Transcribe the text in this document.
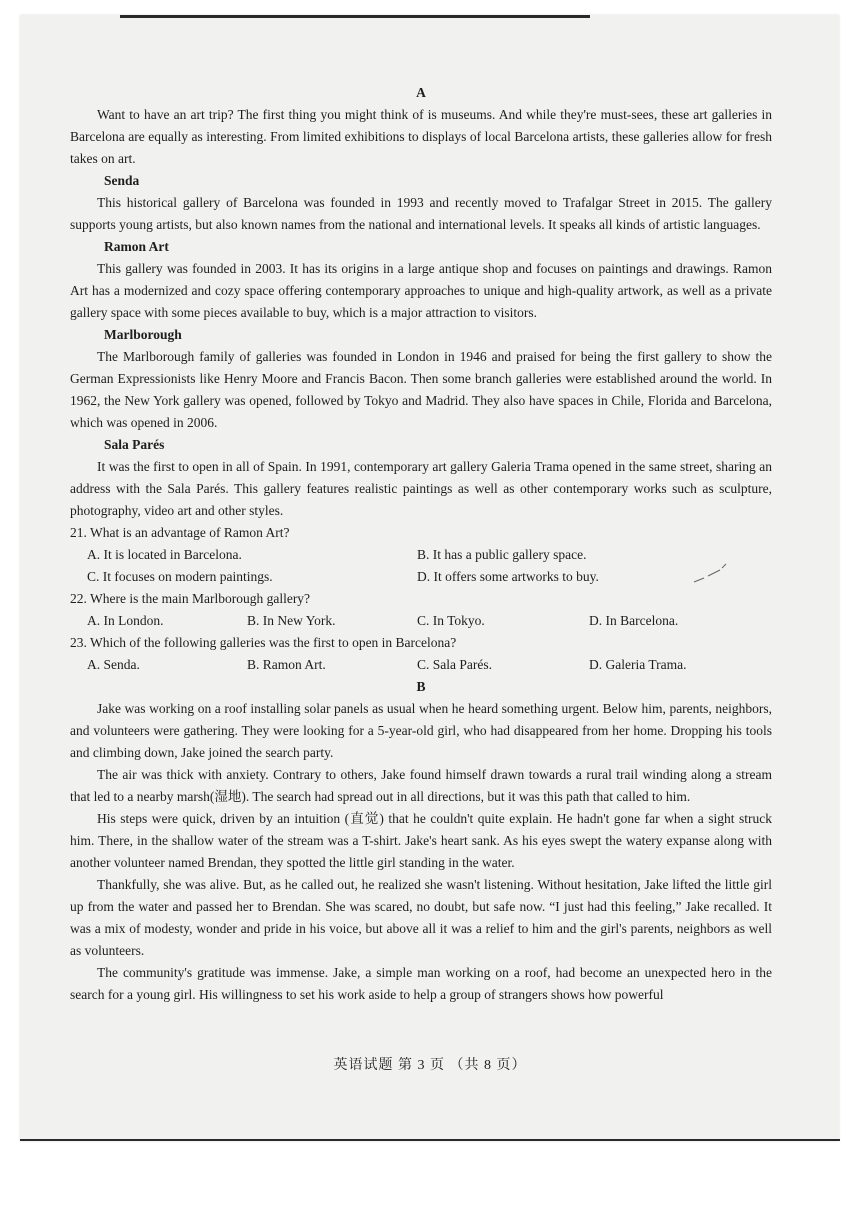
A

Want to have an art trip? The first thing you might think of is museums. And while they're must-sees, these art galleries in Barcelona are equally as interesting. From limited exhibitions to displays of local Barcelona artists, these galleries allow for fresh takes on art.

Senda

This historical gallery of Barcelona was founded in 1993 and recently moved to Trafalgar Street in 2015. The gallery supports young artists, but also known names from the national and international levels. It speaks all kinds of artistic languages.

Ramon Art

This gallery was founded in 2003. It has its origins in a large antique shop and focuses on paintings and drawings. Ramon Art has a modernized and cozy space offering contemporary approaches to unique and high-quality artwork, as well as a private gallery space with some pieces available to buy, which is a major attraction to visitors.

Marlborough

The Marlborough family of galleries was founded in London in 1946 and praised for being the first gallery to show the German Expressionists like Henry Moore and Francis Bacon. Then some branch galleries were established around the world. In 1962, the New York gallery was opened, followed by Tokyo and Madrid. They also have spaces in Chile, Florida and Barcelona, which was opened in 2006.

Sala Parés

It was the first to open in all of Spain. In 1991, contemporary art gallery Galeria Trama opened in the same street, sharing an address with the Sala Parés. This gallery features realistic paintings as well as other contemporary works such as sculpture, photography, video art and other styles.

21. What is an advantage of Ramon Art?

A. It is located in Barcelona.	B. It has a public gallery space.
C. It focuses on modern paintings.	D. It offers some artworks to buy.

22. Where is the main Marlborough gallery?

A. In London.	B. In New York.	C. In Tokyo.	D. In Barcelona.

23. Which of the following galleries was the first to open in Barcelona?

A. Senda.	B. Ramon Art.	C. Sala Parés.	D. Galeria Trama.
B

Jake was working on a roof installing solar panels as usual when he heard something urgent. Below him, parents, neighbors, and volunteers were gathering. They were looking for a 5-year-old girl, who had disappeared from her home. Dropping his tools and climbing down, Jake joined the search party.

The air was thick with anxiety. Contrary to others, Jake found himself drawn towards a rural trail winding along a stream that led to a nearby marsh(湿地). The search had spread out in all directions, but it was this path that called to him.

His steps were quick, driven by an intuition (直觉) that he couldn't quite explain. He hadn't gone far when a sight struck him. There, in the shallow water of the stream was a T-shirt. Jake's heart sank. As his eyes swept the watery expanse along with another volunteer named Brendan, they spotted the little girl standing in the water.

Thankfully, she was alive. But, as he called out, he realized she wasn't listening. Without hesitation, Jake lifted the little girl up from the water and passed her to Brendan. She was scared, no doubt, but safe now. “I just had this feeling,” Jake recalled. It was a mix of modesty, wonder and pride in his voice, but above all it was a relief to him and the girl's parents, neighbors as well as volunteers.

The community's gratitude was immense. Jake, a simple man working on a roof, had become an unexpected hero in the search for a young girl. His willingness to set his work aside to help a group of strangers shows how powerful

英语试题 第 3 页 （共 8 页）
